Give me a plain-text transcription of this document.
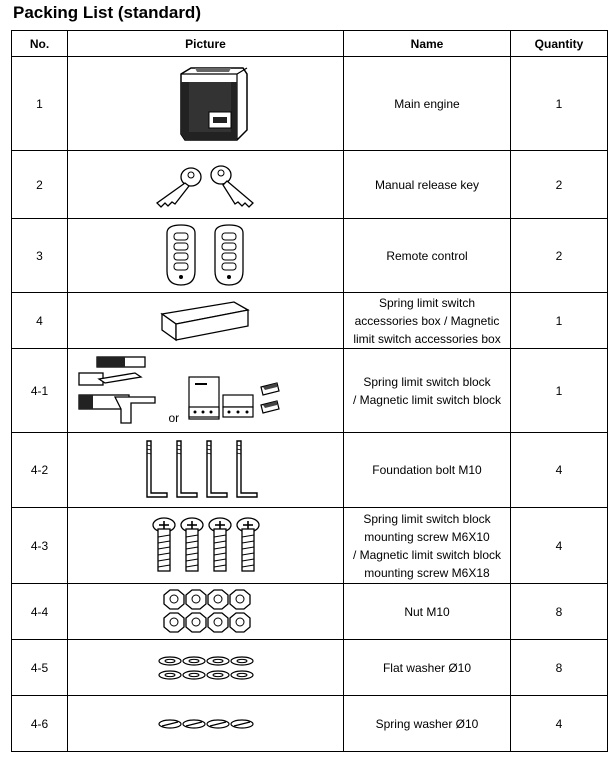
Packing List (standard)
No.	Picture	Name	Quantity
1		Main engine	1
2		Manual release key	2
3		Remote control	2
4		Spring limit switch
accessories box / Magnetic
limit switch accessories box	1
4-1	or	Spring limit switch block
/ Magnetic limit switch block	1
4-2		Foundation bolt M10	4
4-3		Spring limit switch block
mounting screw M6X10
/ Magnetic limit switch block
mounting screw M6X18	4
4-4		Nut M10	8
4-5		Flat washer Ø10	8
4-6		Spring washer Ø10	4
